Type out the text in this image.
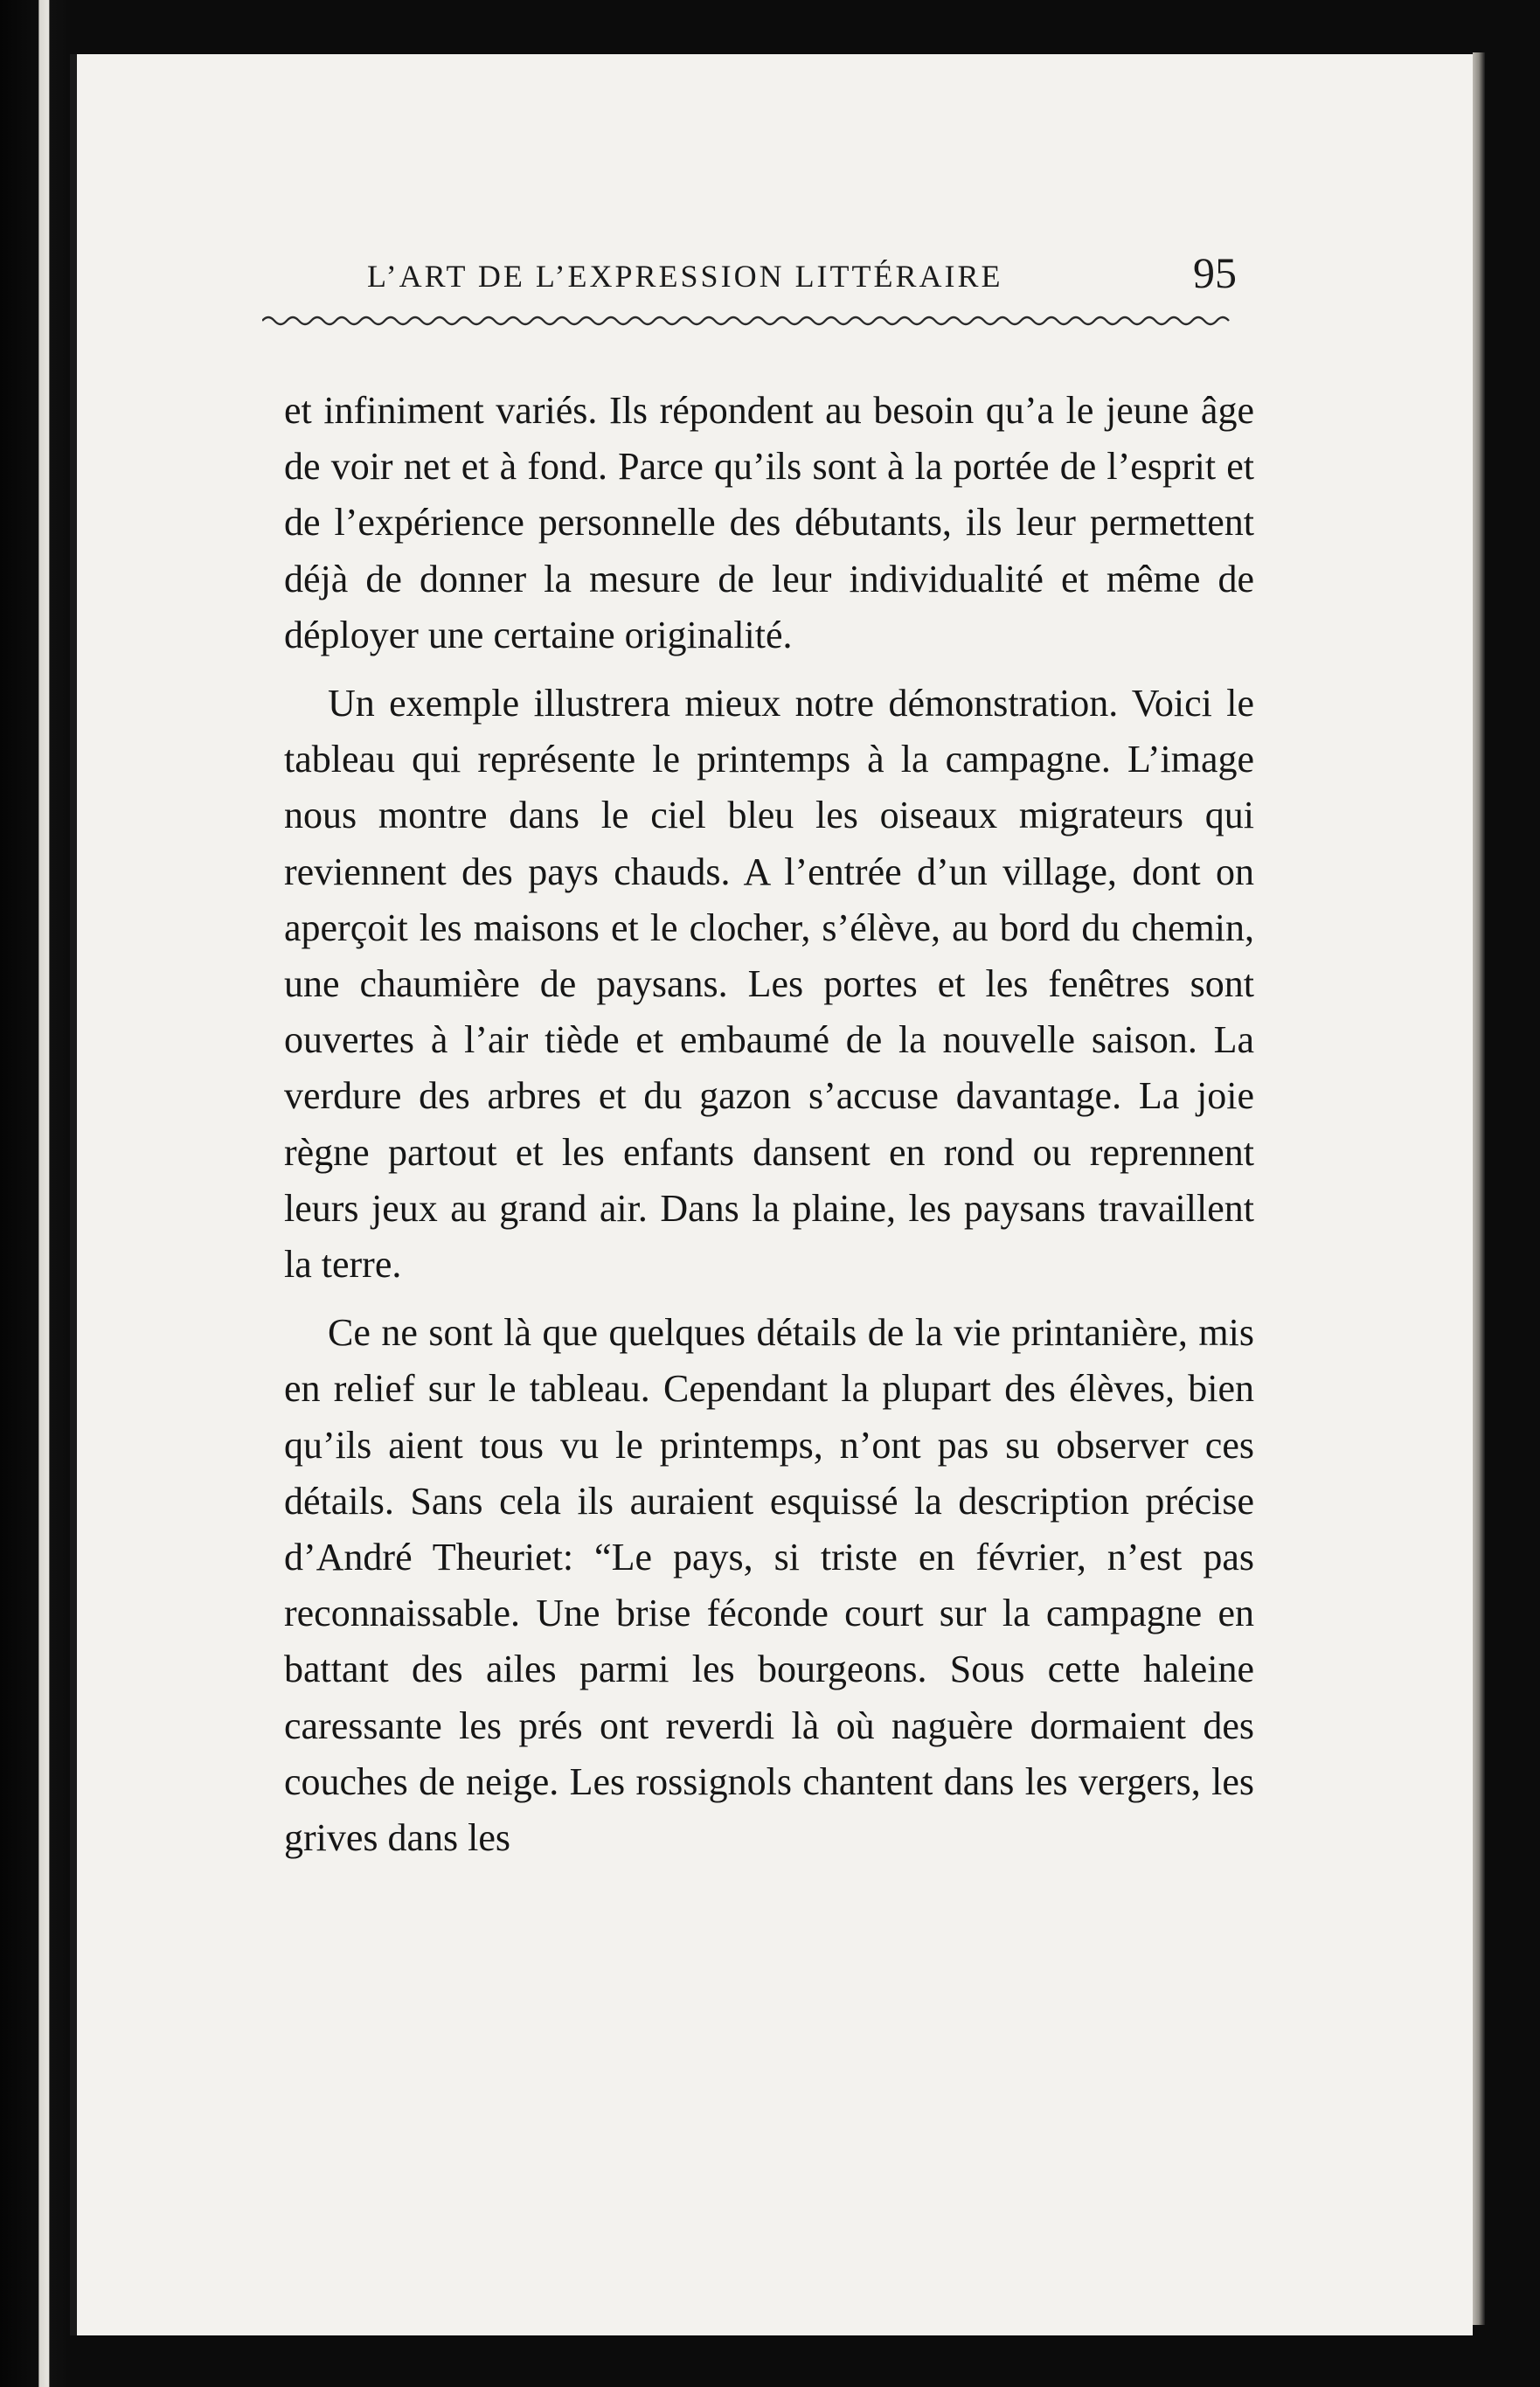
L’ART DE L’EXPRESSION LITTÉRAIRE	95

et infiniment variés. Ils répondent au besoin qu’a le jeune âge de voir net et à fond. Parce qu’ils sont à la portée de l’esprit et de l’expérience personnelle des débutants, ils leur permettent déjà de donner la mesure de leur individualité et même de déployer une certaine originalité.

Un exemple illustrera mieux notre démonstration. Voici le tableau qui représente le printemps à la campagne. L’image nous montre dans le ciel bleu les oiseaux migrateurs qui reviennent des pays chauds. A l’entrée d’un village, dont on aperçoit les maisons et le clocher, s’élève, au bord du chemin, une chaumière de paysans. Les portes et les fenêtres sont ouvertes à l’air tiède et embaumé de la nouvelle saison. La verdure des arbres et du gazon s’accuse davantage. La joie règne partout et les enfants dansent en rond ou reprennent leurs jeux au grand air. Dans la plaine, les paysans travaillent la terre.

Ce ne sont là que quelques détails de la vie printanière, mis en relief sur le tableau. Cependant la plupart des élèves, bien qu’ils aient tous vu le printemps, n’ont pas su observer ces détails. Sans cela ils auraient esquissé la description précise d’André Theuriet: “Le pays, si triste en février, n’est pas reconnaissable. Une brise féconde court sur la campagne en battant des ailes parmi les bourgeons. Sous cette haleine caressante les prés ont reverdi là où naguère dormaient des couches de neige. Les rossignols chantent dans les vergers, les grives dans les
